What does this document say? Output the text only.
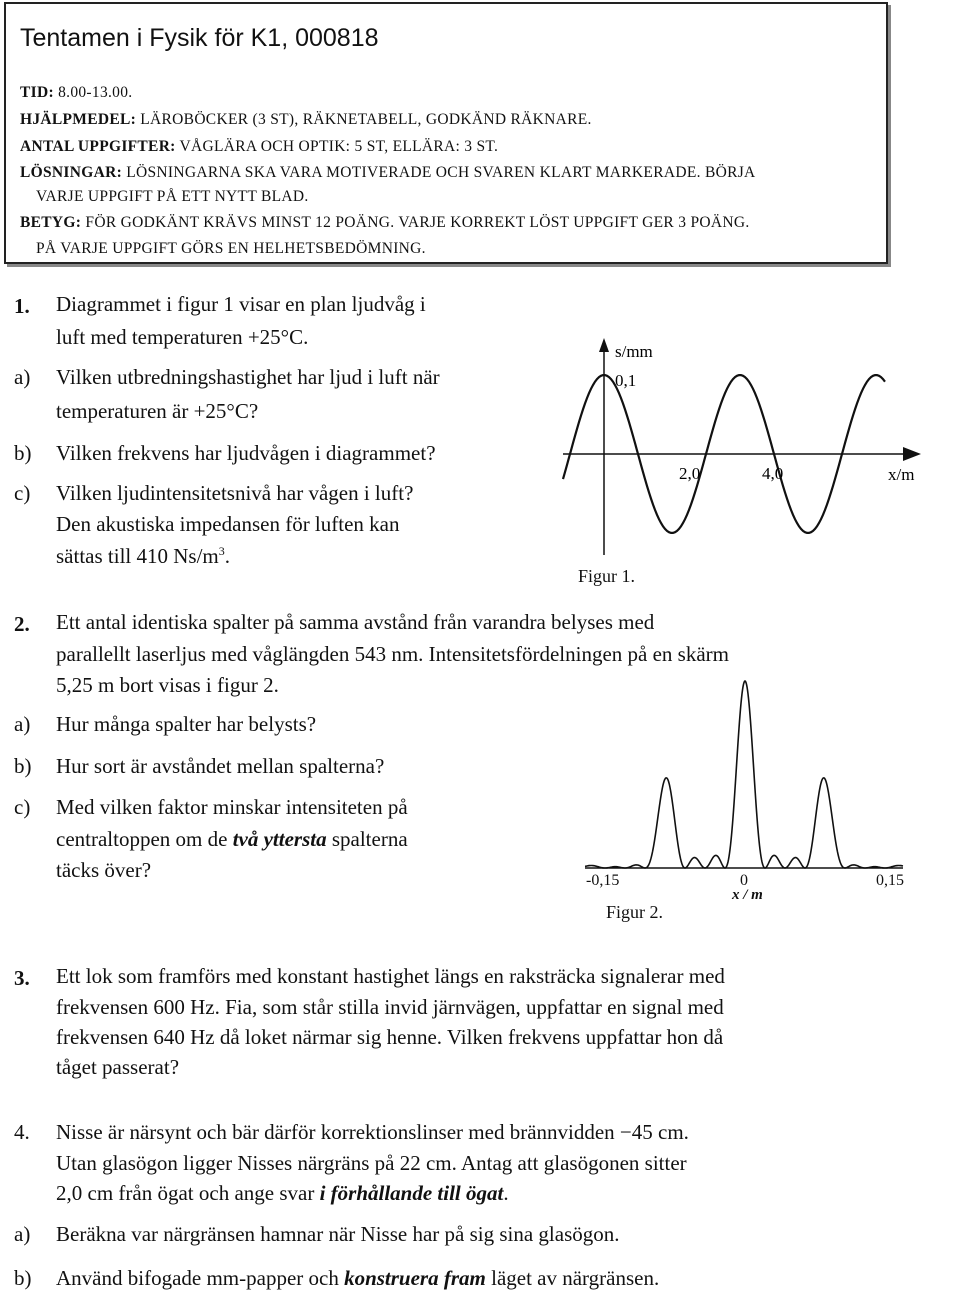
Tentamen i Fysik för K1, 000818
TID: 8.00-13.00.
HJÄLPMEDEL: LÄROBÖCKER (3 ST), RÄKNETABELL, GODKÄND RÄKNARE.
ANTAL UPPGIFTER: VÅGLÄRA OCH OPTIK: 5 ST, ELLÄRA: 3 ST.
LÖSNINGAR: LÖSNINGARNA SKA VARA MOTIVERADE OCH SVAREN KLART MARKERADE. BÖRJA
VARJE UPPGIFT PÅ ETT NYTT BLAD.
BETYG: FÖR GODKÄNT KRÄVS MINST 12 POÄNG. VARJE KORREKT LÖST UPPGIFT GER 3 POÄNG.
PÅ VARJE UPPGIFT GÖRS EN HELHETSBEDÖMNING.
1. Diagrammet i figur 1 visar en plan ljudvåg i
luft med temperaturen +25°C.
a) Vilken utbredningshastighet har ljud i luft när
temperaturen är +25°C?
b) Vilken frekvens har ljudvågen i diagrammet?
c) Vilken ljudintensitetsnivå har vågen i luft?
Den akustiska impedansen för luften kan
sättas till 410 $Ns/m^3$.
s/mm
0,1
2,0	4,0	x/m
Figur 1.
2. Ett antal identiska spalter på samma avstånd från varandra belyses med
parallellt laserljus med våglängden 543 nm. Intensitetsfördelningen på en skärm
5,25 m bort visas i figur 2.
a) Hur många spalter har belysts?
b) Hur sort är avståndet mellan spalterna?
c) Med vilken faktor minskar intensiteten på
centraltoppen om de två yttersta spalterna
täcks över?	-0,15	0	0,15
x / m
Figur 2.
3. Ett lok som framförs med konstant hastighet längs en raksträcka signalerar med
frekvensen 600 Hz. Fia, som står stilla invid järnvägen, uppfattar en signal med
frekvensen 640 Hz då loket närmar sig henne. Vilken frekvens uppfattar hon då
tåget passerat?
4. Nisse är närsynt och bär därför korrektionslinser med brännvidden −45 cm.
Utan glasögon ligger Nisses närgräns på 22 cm. Antag att glasögonen sitter
2,0 cm från ögat och ange svar i förhållande till ögat.
a) Beräkna var närgränsen hamnar när Nisse har på sig sina glasögon.
b) Använd bifogade mm-papper och konstruera fram läget av närgränsen.
